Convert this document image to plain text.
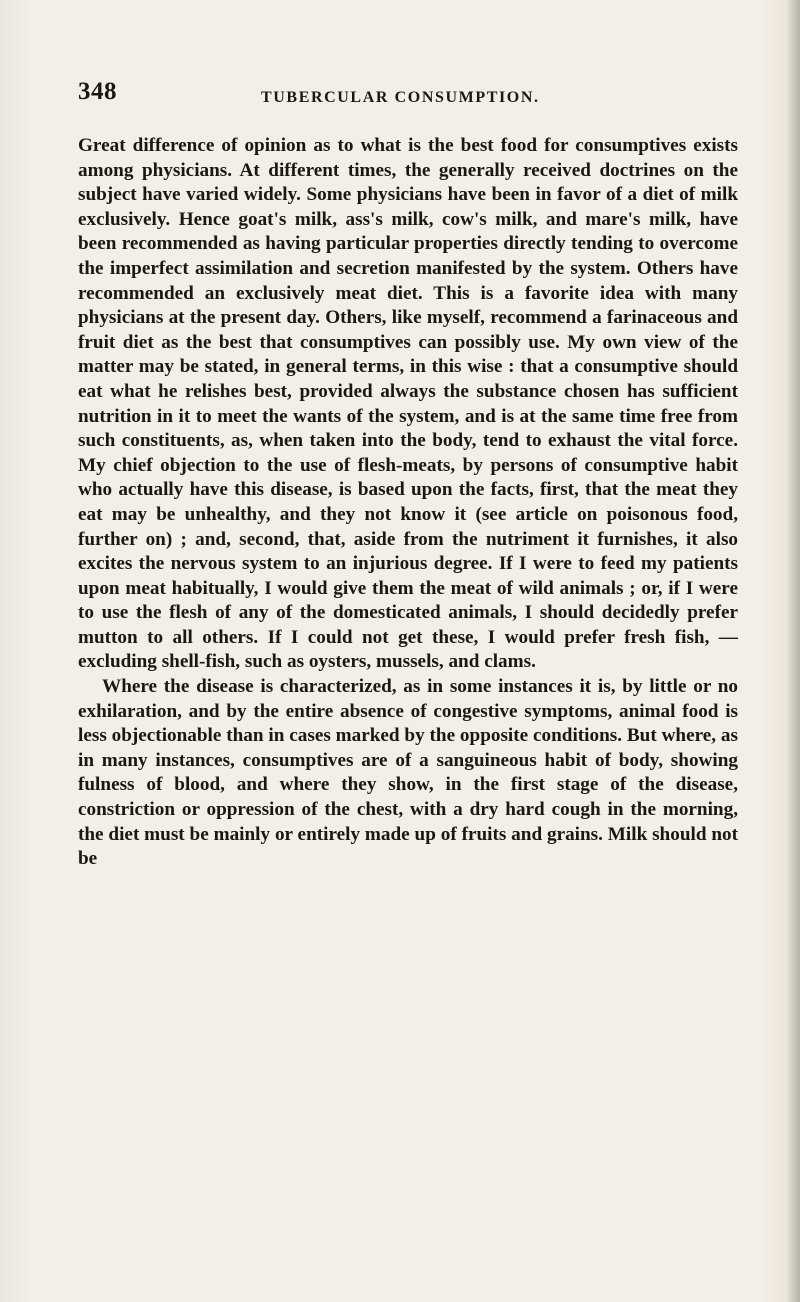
348	TUBERCULAR CONSUMPTION.

Great difference of opinion as to what is the best food for consumptives exists among physicians. At different times, the generally received doctrines on the subject have varied widely. Some physicians have been in favor of a diet of milk exclusively. Hence goat's milk, ass's milk, cow's milk, and mare's milk, have been recommended as having particular properties directly tending to overcome the imperfect assimilation and secretion manifested by the system. Others have recommended an exclusively meat diet. This is a favorite idea with many physicians at the present day. Others, like myself, recommend a farinaceous and fruit diet as the best that consumptives can possibly use. My own view of the matter may be stated, in general terms, in this wise : that a consumptive should eat what he relishes best, provided always the substance chosen has sufficient nutrition in it to meet the wants of the system, and is at the same time free from such constituents, as, when taken into the body, tend to exhaust the vital force. My chief objection to the use of flesh-meats, by persons of consumptive habit who actually have this disease, is based upon the facts, first, that the meat they eat may be unhealthy, and they not know it (see article on poisonous food, further on) ; and, second, that, aside from the nutriment it furnishes, it also excites the nervous system to an injurious degree. If I were to feed my patients upon meat habitually, I would give them the meat of wild animals ; or, if I were to use the flesh of any of the domesticated animals, I should decidedly prefer mutton to all others. If I could not get these, I would prefer fresh fish, — excluding shell-fish, such as oysters, mussels, and clams.

Where the disease is characterized, as in some instances it is, by little or no exhilaration, and by the entire absence of congestive symptoms, animal food is less objectionable than in cases marked by the opposite conditions. But where, as in many instances, consumptives are of a sanguineous habit of body, showing fulness of blood, and where they show, in the first stage of the disease, constriction or oppression of the chest, with a dry hard cough in the morning, the diet must be mainly or entirely made up of fruits and grains. Milk should not be
